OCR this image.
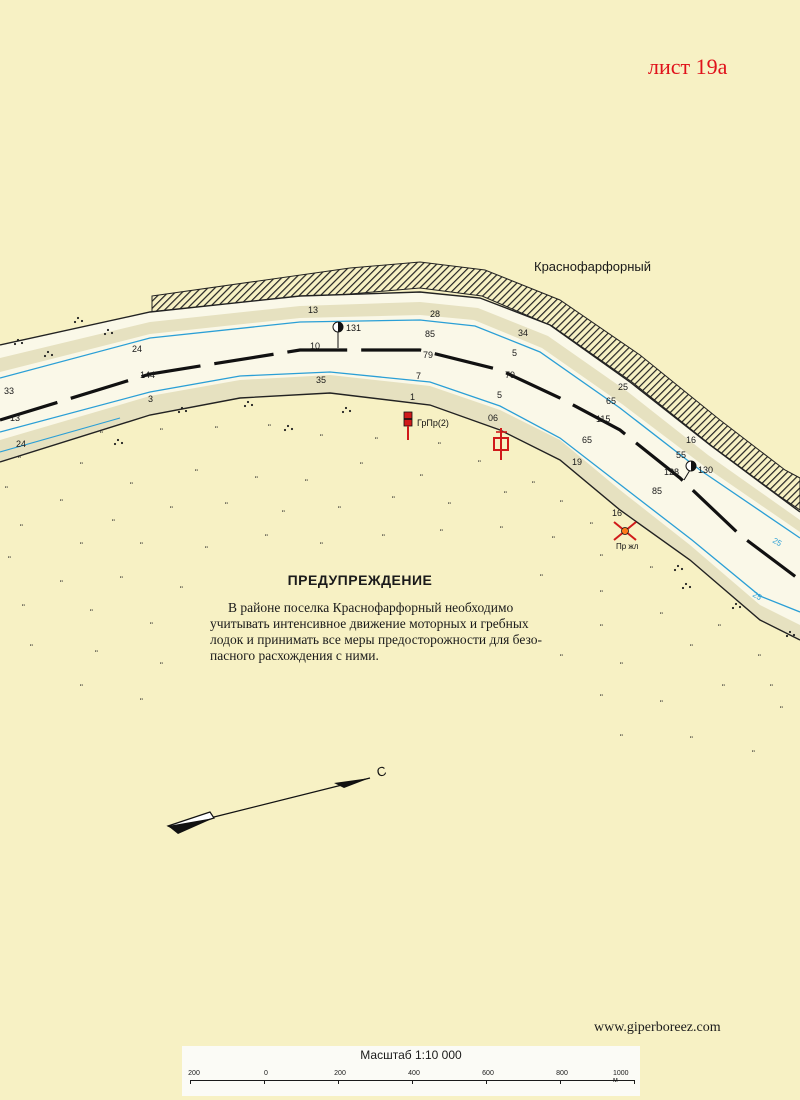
13	28
34
24	10
85
79	5
144	7	79
33
35
5
25
3	1	65
13
24
06	115
16
65
55
19
128
85
16
25
25
131
130
ГрПр(2)
Пр жл
ʺ	ʺ	ʺ	ʺ
ʺ	ʺ
ʺ
ʺ
ʺ
ʺ
ʺ
ʺ	ʺ
ʺ
ʺ
ʺ
ʺ
ʺ
ʺ
ʺ
ʺ	ʺ
ʺ	ʺ
ʺ
ʺ
ʺ
ʺ
ʺ
ʺ
ʺ	ʺ	ʺ
ʺ
ʺ
ʺ
ʺ	ʺ
ʺ
ʺ
ʺ
ʺ	ʺ
ʺ
ʺ
ʺ
ʺ
ʺ
ʺ
ʺ	ʺ
ʺ
ʺ
ʺ
ʺ
ʺ
ʺ
ʺ
ʺ
ʺ
ʺ
ʺ	ʺ
ʺ
ʺ
ʺ
ʺ	ʺ
ʺ
ʺ
С
лист 19а
Краснофарфорный
ПРЕДУПРЕЖДЕНИЕ
В районе поселка Краснофарфорный необходимо
учитывать интенсивное движение моторных и гребных
лодок и принимать все меры предосторожности для безо-
пасного расхождения с ними.
www.giperboreez.com
Масштаб 1:10 000
200	0	200	400	600	800	1000 м
